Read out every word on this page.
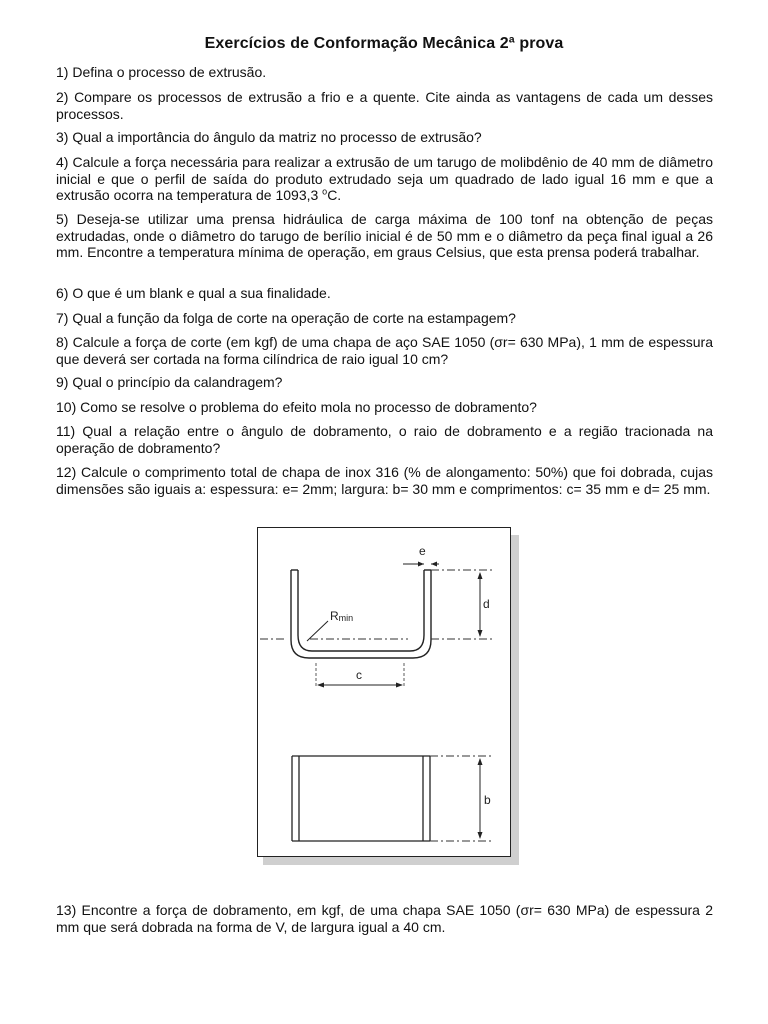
Exercícios de Conformação Mecânica 2ª prova
1) Defina o processo de extrusão.
2) Compare os processos de extrusão a frio e a quente. Cite ainda as vantagens de cada um desses processos.
3) Qual a importância do ângulo da matriz no processo de extrusão?
4) Calcule a força necessária para realizar a extrusão de um tarugo de molibdênio de 40 mm de diâmetro inicial e que o perfil de saída do produto extrudado seja um quadrado de lado igual 16 mm e que a extrusão ocorra na temperatura de 1093,3 $^o$C.
5) Deseja-se utilizar uma prensa hidráulica de carga máxima de 100 tonf na obtenção de peças extrudadas, onde o diâmetro do tarugo de berílio inicial é de 50 mm e o diâmetro da peça final igual a 26 mm. Encontre a temperatura mínima de operação, em graus Celsius, que esta prensa poderá trabalhar.
6) O que é um blank e qual a sua finalidade.
7) Qual a função da folga de corte na operação de corte na estampagem?
8) Calcule a força de corte (em kgf) de uma chapa de aço SAE 1050 (σr= 630 MPa), 1 mm de espessura que deverá ser cortada na forma cilíndrica de raio igual 10 cm?
9) Qual o princípio da calandragem?
10) Como se resolve o problema do efeito mola no processo de dobramento?
11) Qual a relação entre o ângulo de dobramento, o raio de dobramento e a região tracionada na operação de dobramento?
12) Calcule o comprimento total de chapa de inox 316 (% de alongamento: 50%) que foi dobrada, cujas dimensões são iguais a: espessura: e= 2mm; largura: b= 30 mm e comprimentos: c= 35 mm e d= 25 mm.
e
d
Rmin
c
b
13) Encontre a força de dobramento, em kgf, de uma chapa SAE 1050 (σr= 630 MPa) de espessura 2 mm que será dobrada na forma de V, de largura igual a 40 cm.
